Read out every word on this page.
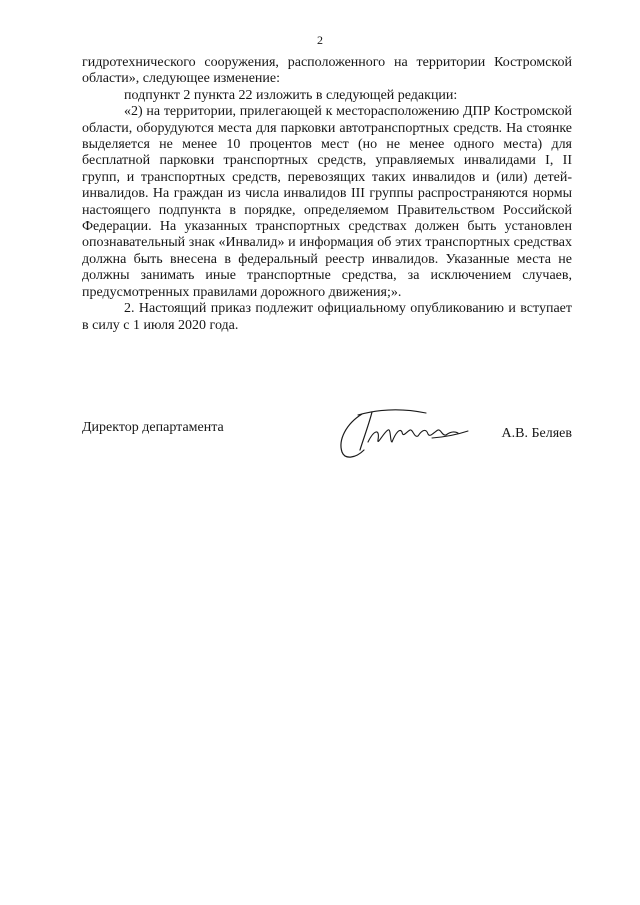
2

гидротехнического сооружения, расположенного на территории Костромской области», следующее изменение:

подпункт 2 пункта 22 изложить в следующей редакции:

«2) на территории, прилегающей к месторасположению ДПР Костромской области, оборудуются места для парковки автотранспортных средств. На стоянке выделяется не менее 10 процентов мест (но не менее одного места) для бесплатной парковки транспортных средств, управляемых инвалидами I, II групп, и транспортных средств, перевозящих таких инвалидов и (или) детей-инвалидов. На граждан из числа инвалидов III группы распространяются нормы настоящего подпункта в порядке, определяемом Правительством Российской Федерации. На указанных транспортных средствах должен быть установлен опознавательный знак «Инвалид» и информация об этих транспортных средствах должна быть внесена в федеральный реестр инвалидов. Указанные места не должны занимать иные транспортные средства, за исключением случаев, предусмотренных правилами дорожного движения;».

2. Настоящий приказ подлежит официальному опубликованию и вступает в силу с 1 июля 2020 года.

Директор департамента	А.В. Беляев
